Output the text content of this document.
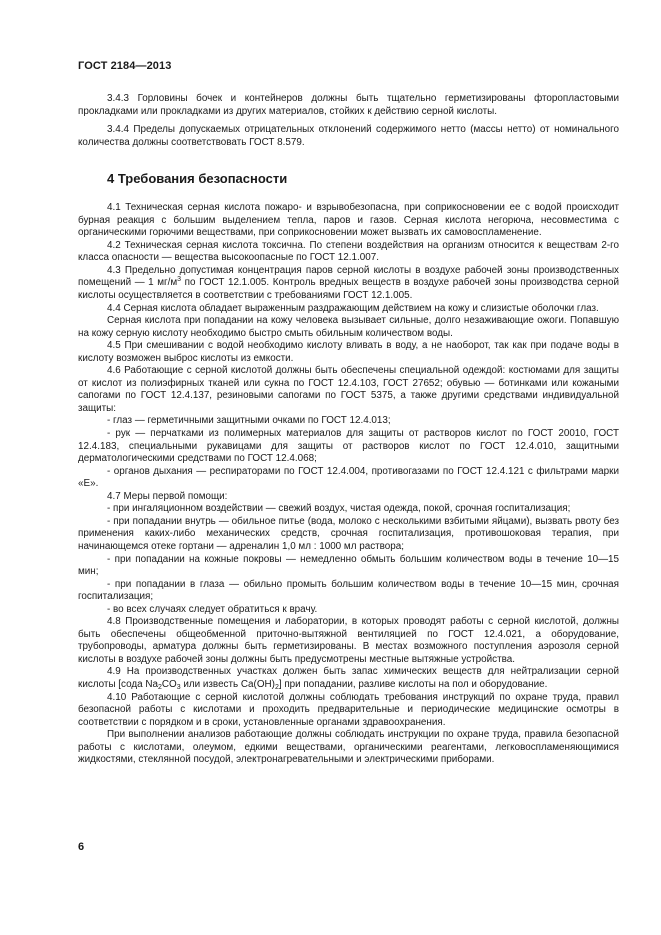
ГОСТ 2184—2013

3.4.3 Горловины бочек и контейнеров должны быть тщательно герметизированы фторопластовыми прокладками или прокладками из других материалов, стойких к действию серной кислоты.

3.4.4 Пределы допускаемых отрицательных отклонений содержимого нетто (массы нетто) от номинального количества должны соответствовать ГОСТ 8.579.

4 Требования безопасности

4.1 Техническая серная кислота пожаро- и взрывобезопасна, при соприкосновении ее с водой происходит бурная реакция с большим выделением тепла, паров и газов. Серная кислота негорюча, несовместима с органическими горючими веществами, при соприкосновении может вызвать их самовоспламенение.

4.2 Техническая серная кислота токсична. По степени воздействия на организм относится к веществам 2-го класса опасности — вещества высокоопасные по ГОСТ 12.1.007.

4.3 Предельно допустимая концентрация паров серной кислоты в воздухе рабочей зоны производственных помещений — 1 $мг/м^3$ по ГОСТ 12.1.005. Контроль вредных веществ в воздухе рабочей зоны производства серной кислоты осуществляется в соответствии с требованиями ГОСТ 12.1.005.

4.4 Серная кислота обладает выраженным раздражающим действием на кожу и слизистые оболочки глаз.

Серная кислота при попадании на кожу человека вызывает сильные, долго незаживающие ожоги. Попавшую на кожу серную кислоту необходимо быстро смыть обильным количеством воды.

4.5 При смешивании с водой необходимо кислоту вливать в воду, а не наоборот, так как при подаче воды в кислоту возможен выброс кислоты из емкости.

4.6 Работающие с серной кислотой должны быть обеспечены специальной одеждой: костюмами для защиты от кислот из полиэфирных тканей или сукна по ГОСТ 12.4.103, ГОСТ 27652; обувью — ботинками или кожаными сапогами по ГОСТ 12.4.137, резиновыми сапогами по ГОСТ 5375, а также другими средствами индивидуальной защиты:

- глаз — герметичными защитными очками по ГОСТ 12.4.013;

- рук — перчатками из полимерных материалов для защиты от растворов кислот по ГОСТ 20010, ГОСТ 12.4.183, специальными рукавицами для защиты от растворов кислот по ГОСТ 12.4.010, защитными дерматологическими средствами по ГОСТ 12.4.068;

- органов дыхания — респираторами по ГОСТ 12.4.004, противогазами по ГОСТ 12.4.121 с фильтрами марки «Е».

4.7 Меры первой помощи:

- при ингаляционном воздействии — свежий воздух, чистая одежда, покой, срочная госпитализация;

- при попадании внутрь — обильное питье (вода, молоко с несколькими взбитыми яйцами), вызвать рвоту без применения каких-либо механических средств, срочная госпитализация, противошоковая терапия, при начинающемся отеке гортани — адреналин 1,0 мл : 1000 мл раствора;

- при попадании на кожные покровы — немедленно обмыть большим количеством воды в течение 10—15 мин;

- при попадании в глаза — обильно промыть большим количеством воды в течение 10—15 мин, срочная госпитализация;

- во всех случаях следует обратиться к врачу.

4.8 Производственные помещения и лаборатории, в которых проводят работы с серной кислотой, должны быть обеспечены общеобменной приточно-вытяжной вентиляцией по ГОСТ 12.4.021, а оборудование, трубопроводы, арматура должны быть герметизированы. В местах возможного поступления аэрозоля серной кислоты в воздухе рабочей зоны должны быть предусмотрены местные вытяжные устройства.

4.9 На производственных участках должен быть запас химических веществ для нейтрализации серной кислоты [сода $Na_2CO_3$ или известь $Ca(OH)_2$] при попадании, разливе кислоты на пол и оборудование.

4.10 Работающие с серной кислотой должны соблюдать требования инструкций по охране труда, правил безопасной работы с кислотами и проходить предварительные и периодические медицинские осмотры в соответствии с порядком и в сроки, установленные органами здравоохранения.

При выполнении анализов работающие должны соблюдать инструкции по охране труда, правила безопасной работы с кислотами, олеумом, едкими веществами, органическими реагентами, легковоспламеняющимися жидкостями, стеклянной посудой, электронагревательными и электрическими приборами.

6
